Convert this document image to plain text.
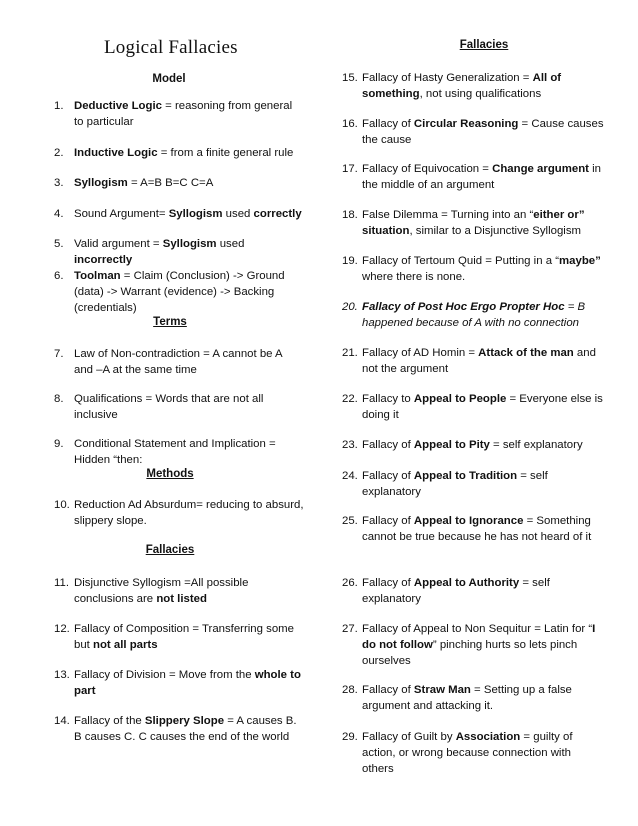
Logical Fallacies
Model
1. Deductive Logic = reasoning from general to particular
2. Inductive Logic = from a finite general rule
3. Syllogism = A=B B=C C=A
4. Sound Argument= Syllogism used correctly
5. Valid argument = Syllogism used incorrectly
6. Toolman = Claim (Conclusion) -> Ground (data) -> Warrant (evidence) -> Backing (credentials)
Terms
7. Law of Non-contradiction = A cannot be A and –A at the same time
8. Qualifications = Words that are not all inclusive
9. Conditional Statement and Implication = Hidden “then:
Methods
10. Reduction Ad Absurdum= reducing to absurd, slippery slope.
Fallacies
11. Disjunctive Syllogism =All possible conclusions are not listed
12. Fallacy of Composition = Transferring some but not all parts
13. Fallacy of Division = Move from the whole to part
14. Fallacy of the Slippery Slope = A causes B. B causes C. C causes the end of the world
Fallacies
15. Fallacy of Hasty Generalization = All of something, not using qualifications
16. Fallacy of Circular Reasoning = Cause causes the cause
17. Fallacy of Equivocation = Change argument in the middle of an argument
18. False Dilemma = Turning into an “either or” situation, similar to a Disjunctive Syllogism
19. Fallacy of Tertoum Quid = Putting in a “maybe” where there is none.
20. Fallacy of Post Hoc Ergo Propter Hoc = B happened because of A with no connection
21. Fallacy of AD Homin = Attack of the man and not the argument
22. Fallacy to Appeal to People = Everyone else is doing it
23. Fallacy of Appeal to Pity = self explanatory
24. Fallacy of Appeal to Tradition = self explanatory
25. Fallacy of Appeal to Ignorance = Something cannot be true because he has not heard of it
26. Fallacy of Appeal to Authority = self explanatory
27. Fallacy of Appeal to Non Sequitur = Latin for “I do not follow” pinching hurts so lets pinch ourselves
28. Fallacy of Straw Man = Setting up a false argument and attacking it.
29. Fallacy of Guilt by Association = guilty of action, or wrong because connection with others
